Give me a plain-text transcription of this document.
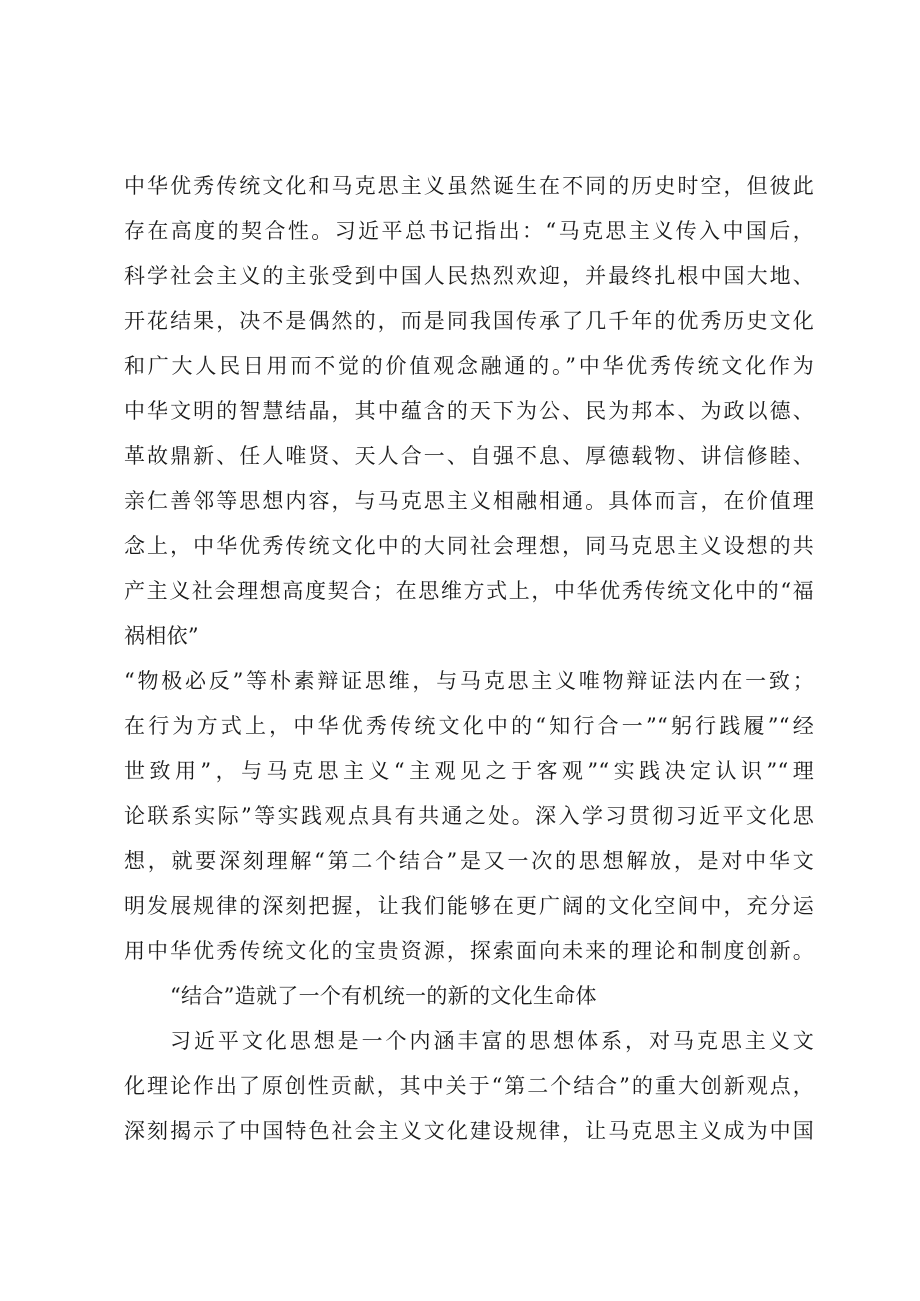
中华优秀传统文化和马克思主义虽然诞生在不同的历史时空，但彼此
存在高度的契合性。习近平总书记指出：“马克思主义传入中国后，
科学社会主义的主张受到中国人民热烈欢迎，并最终扎根中国大地、
开花结果，决不是偶然的，而是同我国传承了几千年的优秀历史文化
和广大人民日用而不觉的价值观念融通的。”中华优秀传统文化作为
中华文明的智慧结晶，其中蕴含的天下为公、民为邦本、为政以德、
革故鼎新、任人唯贤、天人合一、自强不息、厚德载物、讲信修睦、
亲仁善邻等思想内容，与马克思主义相融相通。具体而言，在价值理
念上，中华优秀传统文化中的大同社会理想，同马克思主义设想的共
产主义社会理想高度契合；在思维方式上，中华优秀传统文化中的“福
祸相依”
“物极必反”等朴素辩证思维，与马克思主义唯物辩证法内在一致；
在行为方式上，中华优秀传统文化中的“知行合一”“躬行践履”“经
世致用”，与马克思主义“主观见之于客观”“实践决定认识”“理
论联系实际”等实践观点具有共通之处。深入学习贯彻习近平文化思
想，就要深刻理解“第二个结合”是又一次的思想解放，是对中华文
明发展规律的深刻把握，让我们能够在更广阔的文化空间中，充分运
用中华优秀传统文化的宝贵资源，探索面向未来的理论和制度创新。
“结合”造就了一个有机统一的新的文化生命体
习近平文化思想是一个内涵丰富的思想体系，对马克思主义文
化理论作出了原创性贡献，其中关于“第二个结合”的重大创新观点，
深刻揭示了中国特色社会主义文化建设规律，让马克思主义成为中国
